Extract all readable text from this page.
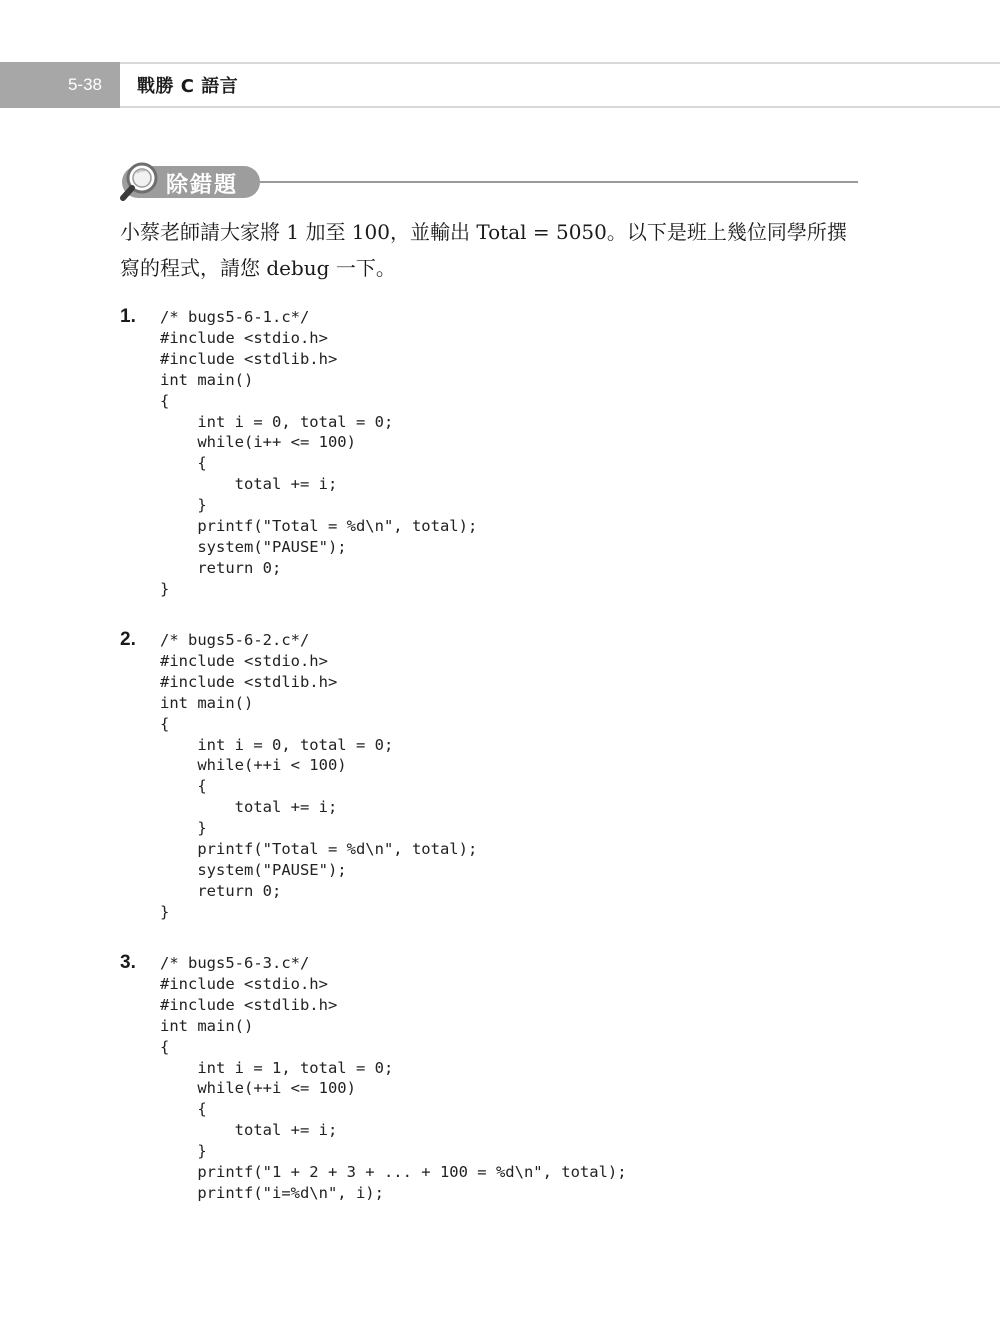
5-38 戰勝 C 語言
除錯題

小蔡老師請大家將 1 加至 100，並輸出 Total = 5050。以下是班上幾位同學所撰寫的程式，請您 debug 一下。

1. /* bugs5-6-1.c*/
#include <stdio.h>
#include <stdlib.h>
int main()
{
int i = 0, total = 0;
while(i++ <= 100)
{
total += i;
}
printf("Total = %d\n", total);
system("PAUSE");
return 0;
}
2. /* bugs5-6-2.c*/
#include <stdio.h>
#include <stdlib.h>
int main()
{
int i = 0, total = 0;
while(++i < 100)
{
total += i;
}
printf("Total = %d\n", total);
system("PAUSE");
return 0;
}
3. /* bugs5-6-3.c*/
#include <stdio.h>
#include <stdlib.h>
int main()
{
int i = 1, total = 0;
while(++i <= 100)
{
total += i;
}
printf("1 + 2 + 3 + ... + 100 = %d\n", total);
printf("i=%d\n", i);
